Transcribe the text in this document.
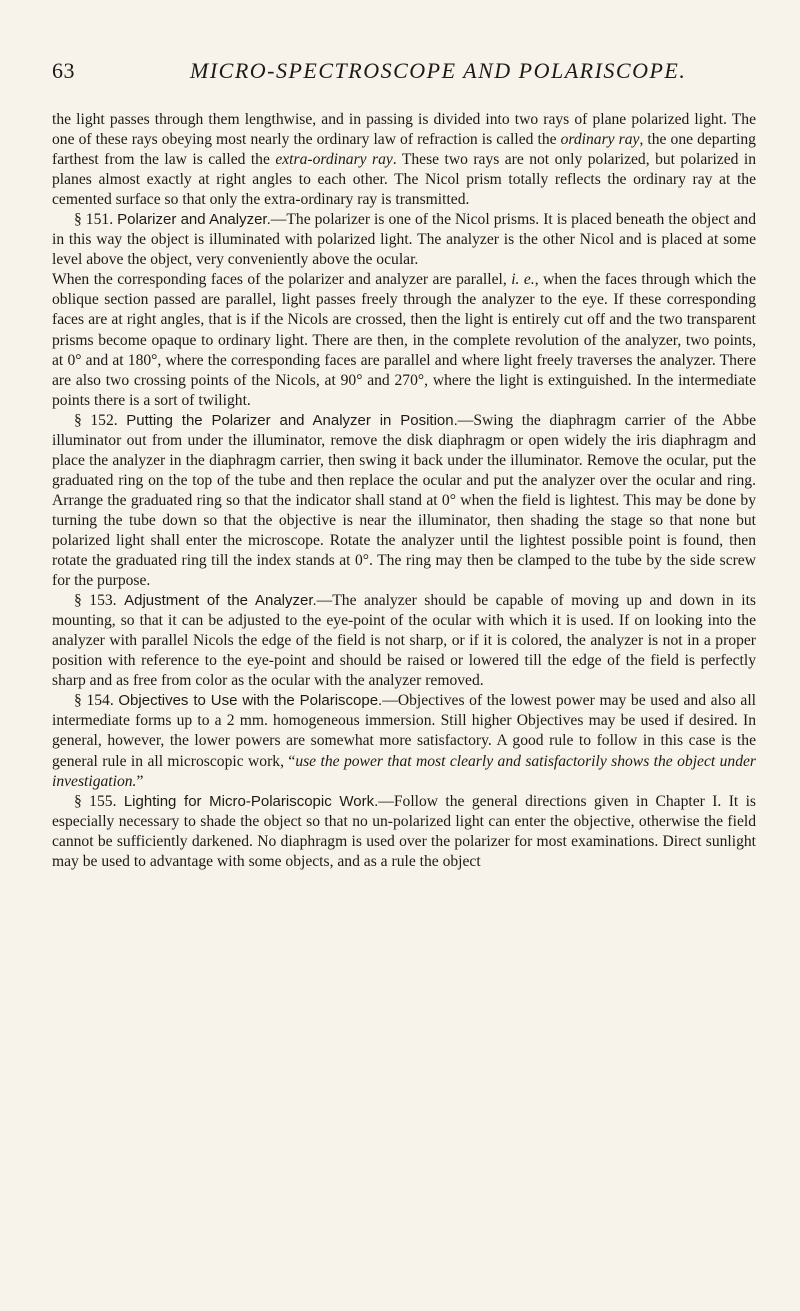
63	MICRO-SPECTROSCOPE AND POLARISCOPE.

the light passes through them lengthwise, and in passing is divided into two rays of plane polarized light. The one of these rays obeying most nearly the ordinary law of refraction is called the ordinary ray, the one departing farthest from the law is called the extra-ordinary ray. These two rays are not only polarized, but polarized in planes almost exactly at right angles to each other. The Nicol prism totally reflects the ordinary ray at the cemented surface so that only the extra-ordinary ray is transmitted.

§ 151. Polarizer and Analyzer.—The polarizer is one of the Nicol prisms. It is placed beneath the object and in this way the object is illuminated with polarized light. The analyzer is the other Nicol and is placed at some level above the object, very conveniently above the ocular.

When the corresponding faces of the polarizer and analyzer are parallel, i. e., when the faces through which the oblique section passed are parallel, light passes freely through the analyzer to the eye. If these corresponding faces are at right angles, that is if the Nicols are crossed, then the light is entirely cut off and the two transparent prisms become opaque to ordinary light. There are then, in the complete revolution of the analyzer, two points, at 0° and at 180°, where the corresponding faces are parallel and where light freely traverses the analyzer. There are also two crossing points of the Nicols, at 90° and 270°, where the light is extinguished. In the intermediate points there is a sort of twilight.

§ 152. Putting the Polarizer and Analyzer in Position.—Swing the diaphragm carrier of the Abbe illuminator out from under the illuminator, remove the disk diaphragm or open widely the iris diaphragm and place the analyzer in the diaphragm carrier, then swing it back under the illuminator. Remove the ocular, put the graduated ring on the top of the tube and then replace the ocular and put the analyzer over the ocular and ring. Arrange the graduated ring so that the indicator shall stand at 0° when the field is lightest. This may be done by turning the tube down so that the objective is near the illuminator, then shading the stage so that none but polarized light shall enter the microscope. Rotate the analyzer until the lightest possible point is found, then rotate the graduated ring till the index stands at 0°. The ring may then be clamped to the tube by the side screw for the purpose.

§ 153. Adjustment of the Analyzer.—The analyzer should be capable of moving up and down in its mounting, so that it can be adjusted to the eye-point of the ocular with which it is used. If on looking into the analyzer with parallel Nicols the edge of the field is not sharp, or if it is colored, the analyzer is not in a proper position with reference to the eye-point and should be raised or lowered till the edge of the field is perfectly sharp and as free from color as the ocular with the analyzer removed.

§ 154. Objectives to Use with the Polariscope.—Objectives of the lowest power may be used and also all intermediate forms up to a 2 mm. homogeneous immersion. Still higher Objectives may be used if desired. In general, however, the lower powers are somewhat more satisfactory. A good rule to follow in this case is the general rule in all microscopic work, “use the power that most clearly and satisfactorily shows the object under investigation.”

§ 155. Lighting for Micro-Polariscopic Work.—Follow the general directions given in Chapter I. It is especially necessary to shade the object so that no un-polarized light can enter the objective, otherwise the field cannot be sufficiently darkened. No diaphragm is used over the polarizer for most examinations. Direct sunlight may be used to advantage with some objects, and as a rule the object
